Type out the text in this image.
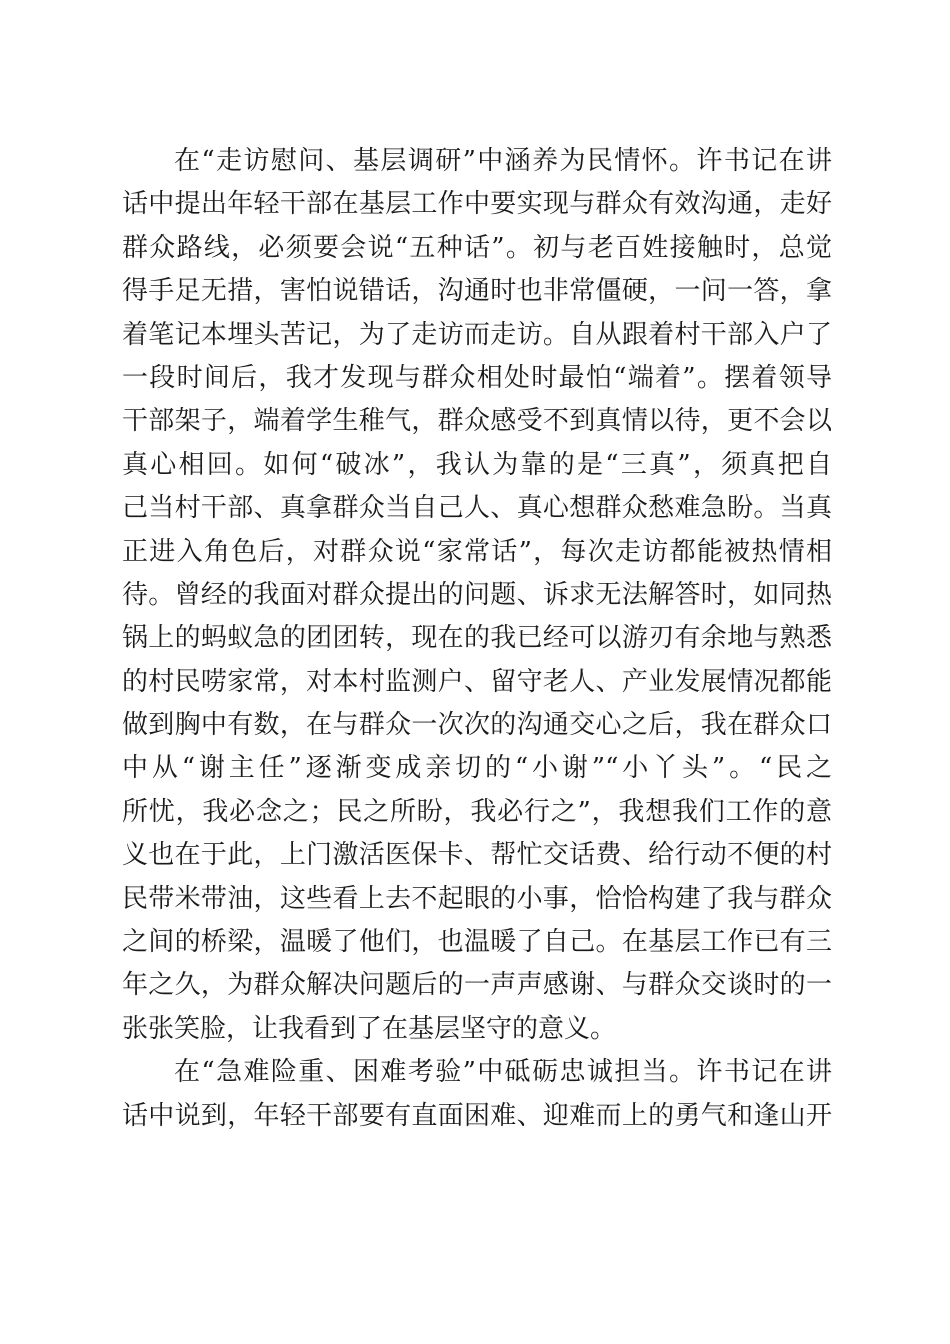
在“走访慰问、基层调研”中涵养为民情怀。许书记在讲
话中提出年轻干部在基层工作中要实现与群众有效沟通，走好
群众路线，必须要会说“五种话”。初与老百姓接触时，总觉
得手足无措，害怕说错话，沟通时也非常僵硬，一问一答，拿
着笔记本埋头苦记，为了走访而走访。自从跟着村干部入户了
一段时间后，我才发现与群众相处时最怕“端着”。摆着领导
干部架子，端着学生稚气，群众感受不到真情以待，更不会以
真心相回。如何“破冰”，我认为靠的是“三真”，须真把自
己当村干部、真拿群众当自己人、真心想群众愁难急盼。当真
正进入角色后，对群众说“家常话”，每次走访都能被热情相
待。曾经的我面对群众提出的问题、诉求无法解答时，如同热
锅上的蚂蚁急的团团转，现在的我已经可以游刃有余地与熟悉
的村民唠家常，对本村监测户、留守老人、产业发展情况都能
做到胸中有数，在与群众一次次的沟通交心之后，我在群众口
中从“谢主任”逐渐变成亲切的“小谢”“小丫头”。“民之
所忧，我必念之；民之所盼，我必行之”，我想我们工作的意
义也在于此，上门激活医保卡、帮忙交话费、给行动不便的村
民带米带油，这些看上去不起眼的小事，恰恰构建了我与群众
之间的桥梁，温暖了他们，也温暖了自己。在基层工作已有三
年之久，为群众解决问题后的一声声感谢、与群众交谈时的一
张张笑脸，让我看到了在基层坚守的意义。
在“急难险重、困难考验”中砥砺忠诚担当。许书记在讲
话中说到，年轻干部要有直面困难、迎难而上的勇气和逢山开
